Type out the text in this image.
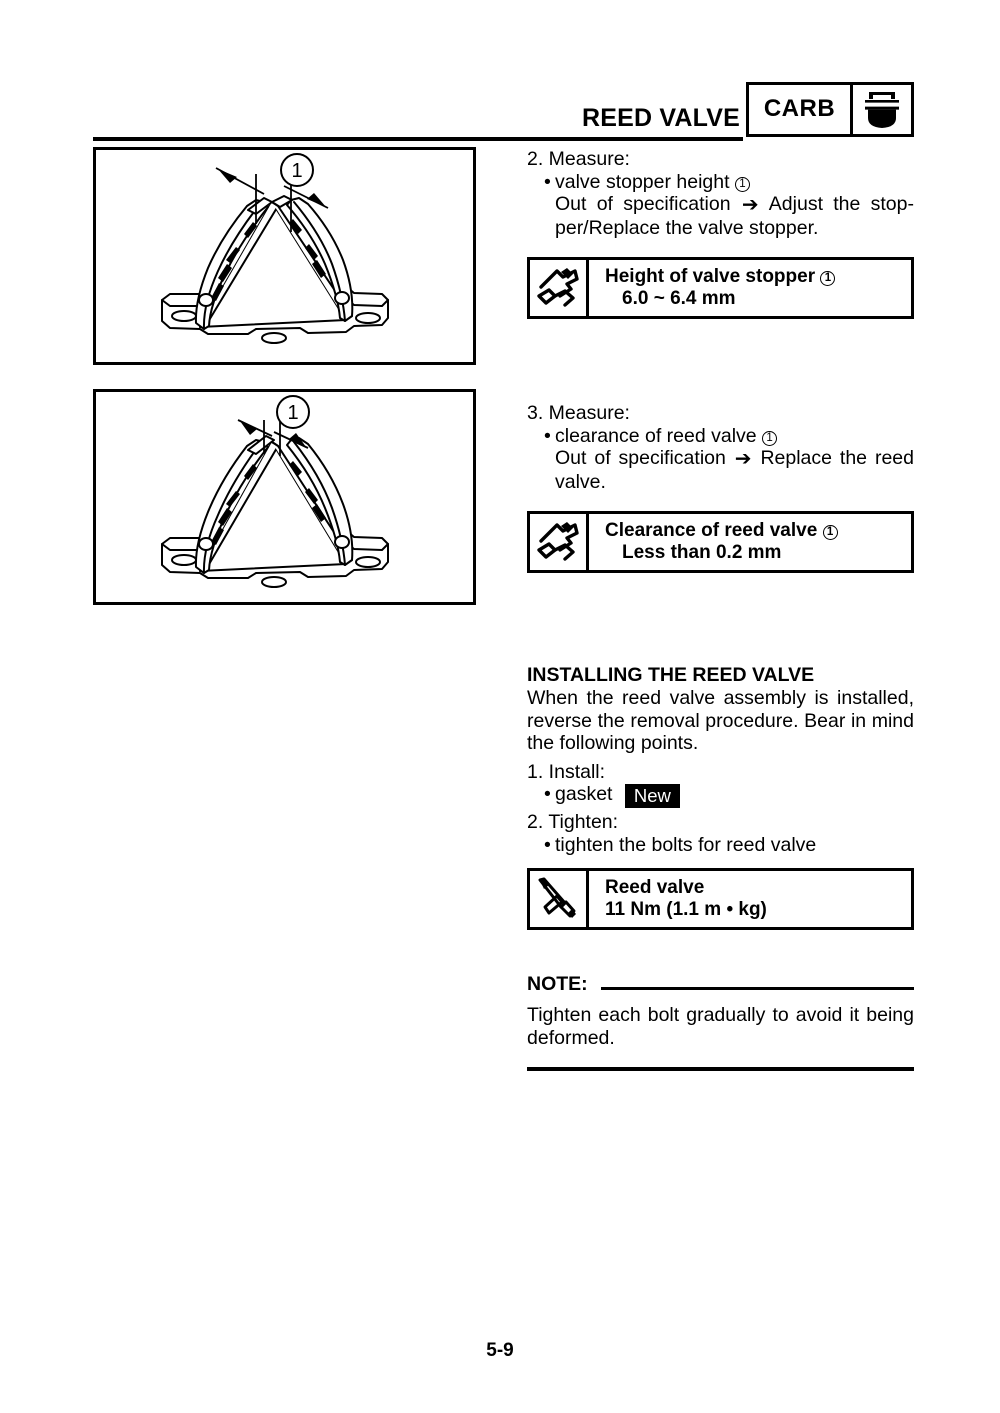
REED VALVE CARB
1
1
2. Measure:
• valve stopper height 1
Out of specification ➔ Adjust the stop- per/Replace the valve stopper.
Height of valve stopper 1
6.0 ~ 6.4 mm
3. Measure:
• clearance of reed valve 1
Out of specification ➔ Replace the reed valve.
Clearance of reed valve 1
Less than 0.2 mm
INSTALLING THE REED VALVE
When the reed valve assembly is installed, reverse the removal procedure. Bear in mind the following points.
1. Install:
• gasket New
2. Tighten:
• tighten the bolts for reed valve
Reed valve
11 Nm (1.1 m • kg)
NOTE:
Tighten each bolt gradually to avoid it being deformed.
5-9
